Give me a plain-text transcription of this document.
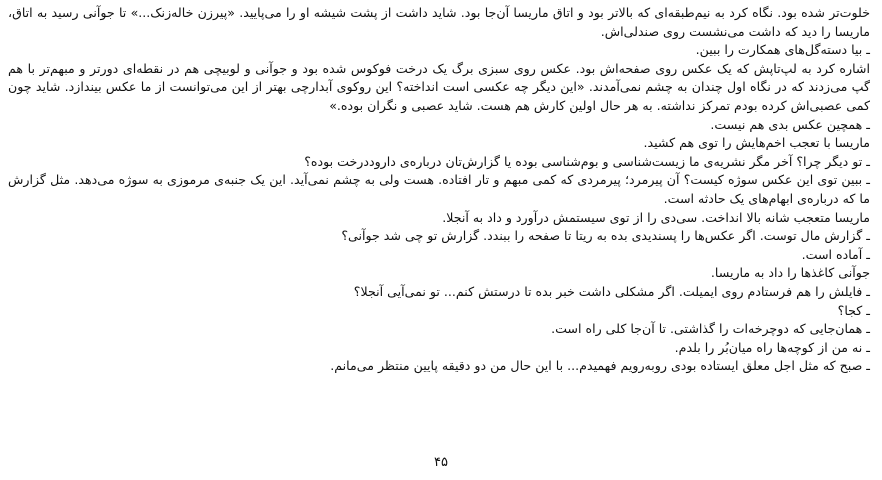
خلوت‌تر شده بود. نگاه کرد به نیم‌طبقه‌ای که بالاتر بود و اتاق ماریسا آن‌جا بود. شاید داشت از پشت شیشه او را می‌پایید. «پیرزن خاله‌زنک...» تا جوآنی رسید به اتاق، ماریسا را دید که داشت می‌نشست روی صندلی‌اش.

ـ بیا دسته‌گل‌های همکارت را ببین.

اشاره کرد به لپ‌تاپش که یک عکس روی صفحه‌اش بود. عکس روی سبزی برگ یک درخت فوکوس شده بود و جوآنی و لوبیچی هم در نقطه‌ای دورتر و مبهم‌تر با هم گپ می‌زدند که در نگاه اول چندان به چشم نمی‌آمدند. «این دیگر چه عکسی است انداخته؟ این روکوی آبدارچی بهتر از این می‌توانست از ما عکس بیندازد. شاید چون کمی عصبی‌اش کرده بودم تمرکز نداشته. به هر حال اولین کارش هم هست. شاید عصبی و نگران بوده.»

ـ همچین عکس بدی هم نیست.

ماریسا با تعجب اخم‌هایش را توی هم کشید.

ـ تو دیگر چرا؟ آخر مگر نشریه‌ی ما زیست‌شناسی و بوم‌شناسی بوده یا گزارش‌تان درباره‌ی داروددرخت بوده؟

ـ ببین توی این عکس سوژه کیست؟ آن پیرمرد؛ پیرمردی که کمی مبهم و تار افتاده. هست ولی به چشم نمی‌آید. این یک جنبه‌ی مرموزی به سوژه می‌دهد. مثل گزارش ما که درباره‌ی ابهام‌های یک حادثه است.

ماریسا متعجب شانه بالا انداخت. سی‌دی را از توی سیستمش درآورد و داد به آنجلا.

ـ گزارش مال توست. اگر عکس‌ها را پسندیدی بده به ریتا تا صفحه را ببندد. گزارش تو چی شد جوآنی؟

ـ آماده است.

جوآنی کاغذها را داد به ماریسا.

ـ فایلش را هم فرستادم روی ایمیلت. اگر مشکلی داشت خبر بده تا درستش کنم... تو نمی‌آیی آنجلا؟

ـ کجا؟

ـ همان‌جایی که دوچرخه‌ات را گذاشتی. تا آن‌جا کلی راه است.

ـ نه من از کوچه‌ها راه میان‌بُر را بلدم.

ـ صبح که مثل اجل معلق ایستاده بودی روبه‌رویم فهمیدم... با این حال من دو دقیقه پایین منتظر می‌مانم.

۴۵
